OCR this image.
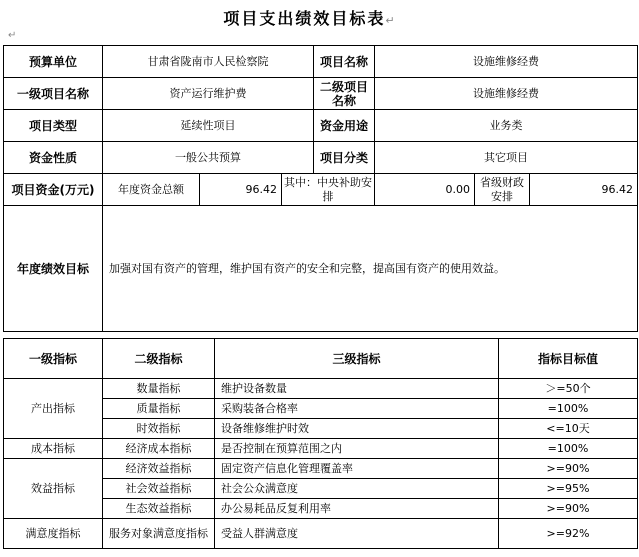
项目支出绩效目标表↵
↵
预算单位	甘肃省陇南市人民检察院			项目名称	设施维修经费		
一级项目名称	资产运行维护费			二级项目名称	设施维修经费		
项目类型	延续性项目			资金用途	业务类		
资金性质	一般公共预算			项目分类	其它项目		
项目资金(万元)	年度资金总额	96.42	其中：中央补助安排		0.00	省级财政安排	96.42
年度绩效目标	加强对国有资产的管理，维护国有资产的安全和完整，提高国有资产的使用效益。						
一级指标	二级指标	三级指标	指标目标值
产出指标	数量指标	维护设备数量	＞=50个
	质量指标	采购装备合格率	=100%
	时效指标	设备维修维护时效	<=10天
成本指标	经济成本指标	是否控制在预算范围之内	=100%
效益指标	经济效益指标	固定资产信息化管理覆盖率	>=90%
	社会效益指标	社会公众满意度	>=95%
	生态效益指标	办公易耗品反复利用率	>=90%
满意度指标	服务对象满意度指标	受益人群满意度	>=92%
